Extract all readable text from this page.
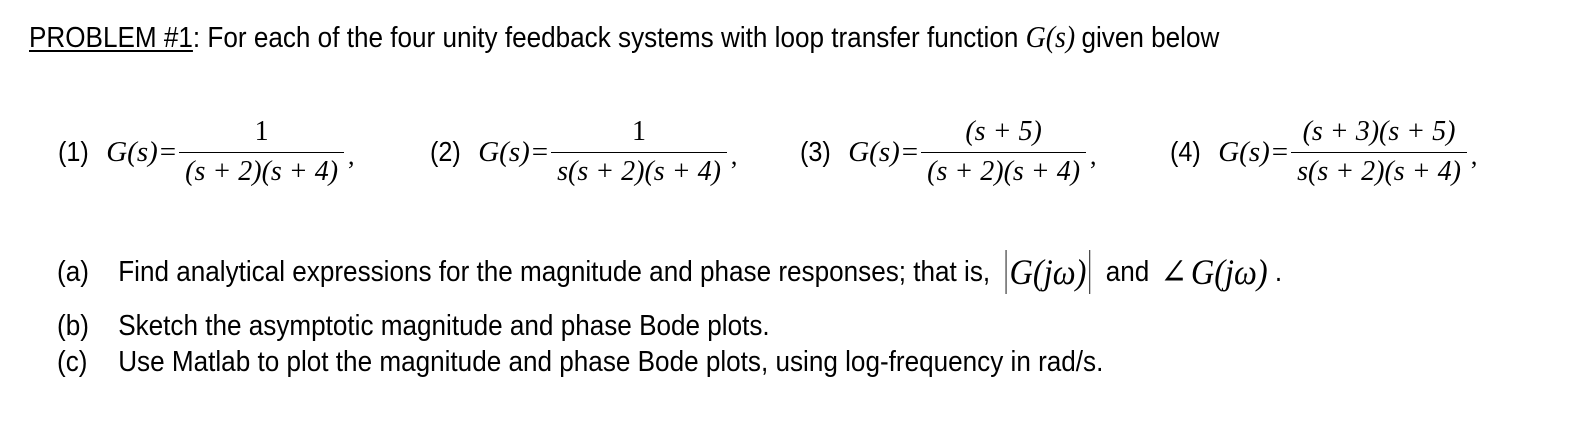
PROBLEM #1: For each of the four unity feedback systems with loop transfer function G(s) given below
(1) $G(s) = \frac{1}{(s + 2)(s + 4)}$ ,	(2) $G(s) = \frac{1}{s(s + 2)(s + 4)}$ , (3) $G(s) = \frac{(s + 5)}{(s + 2)(s + 4)}$ ,	(4) $G(s) = \frac{(s + 3)(s + 5)}{s(s + 2)(s + 4)}$ ,
(a)	Find analytical expressions for the magnitude and phase responses; that is, G(jω) and ∠ G(jω) .
(b)	Sketch the asymptotic magnitude and phase Bode plots.
(c)	Use Matlab to plot the magnitude and phase Bode plots, using log-frequency in rad/s.
